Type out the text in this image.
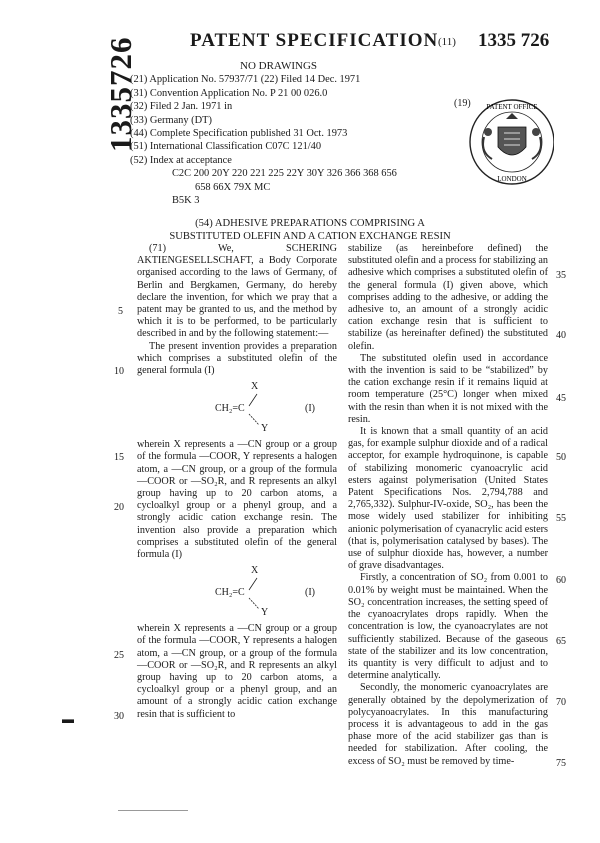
PATENT SPECIFICATION (11) 1335 726
1335726	NO DRAWINGS
(21) Application No. 57937/71 (22) Filed 14 Dec. 1971
(31) Convention Application No. P 21 00 026.0
(32) Filed 2 Jan. 1971 in
(33) Germany (DT)
(44) Complete Specification published 31 Oct. 1973
(51) International Classification C07C 121/40
(52) Index at acceptance
C2C 200 20Y 220 221 225 22Y 30Y 326 366 368 656
658 66X 79X MC
B5K 3
(19) PATENT OFFICE
LONDON
(54) ADHESIVE PREPARATIONS COMPRISING A
SUBSTITUTED OLEFIN AND A CATION EXCHANGE RESIN

(71) We, SCHERING AKTIENGESELLSCHAFT, a Body Corporate organised according to the laws of Germany, of Berlin and Bergkamen, Germany, do hereby declare the invention, for which we pray that a patent may be granted to us, and the method by which it is to be performed, to be particularly described in and by the following statement:—

The present invention provides a preparation which comprises a substituted olefin of the general formula (I)

X
CH₂=C
Y
(I)

wherein X represents a —CN group or a group of the formula —COOR, Y represents a halogen atom, a —CN group, or a group of the formula —COOR or —SO₂R, and R represents an alkyl group having up to 20 carbon atoms, a cycloalkyl group or a phenyl group, and a strongly acidic cation exchange resin. The invention also provide a preparation which comprises a substituted olefin of the general formula (I)

X
CH₂=C
Y
(I)

wherein X represents a —CN group or a group of the formula —COOR, Y represents a halogen atom, a —CN group, or a group of the formula —COOR or —SO₂R, and R represents an alkyl group having up to 20 carbon atoms, a cycloalkyl group or a phenyl group, and an amount of a strongly acidic cation exchange resin that is sufficient to

stabilize (as hereinbefore defined) the substituted olefin and a process for stabilizing an adhesive which comprises a substituted olefin of the general formula (I) given above, which comprises adding to the adhesive, or adding the adhesive to, an amount of a strongly acidic cation exchange resin that is sufficient to stabilize (as hereinafter defined) the substituted olefin.

The substituted olefin used in accordance with the invention is said to be “stabilized” by the cation exchange resin if it remains liquid at room temperature (25°C) longer when mixed with the resin than when it is not mixed with the resin.

It is known that a small quantity of an acid gas, for example sulphur dioxide and of a radical acceptor, for example hydroquinone, is capable of stabilizing monomeric cyanoacrylic acid esters against polymerisation (United States Patent Specifications Nos. 2,794,788 and 2,765,332). Sulphur-IV-oxide, SO₂, has been the mose widely used stabilizer for inhibiting anionic polymerisation of cyanacrylic acid esters (that is, polymerisation catalysed by bases). The use of sulphur dioxide has, however, a number of grave disadvantages.

Firstly, a concentration of SO₂ from 0.001 to 0.01% by weight must be maintained. When the SO₂ concentration increases, the setting speed of the cyanoacrylates drops rapidly. When the concentration is low, the cyanoacrylates are not sufficiently stabilized. Because of the gaseous state of the stabilizer and its low concentration, its quantity is very difficult to adjust and to determine analytically.

Secondly, the monomeric cyanoacrylates are generally obtained by the depolymerization of polycyanoacrylates. In this manufacturing process it is advantageous to add in the gas phase more of the acid stabilizer gas than is needed for stabilization. After cooling, the excess of SO₂ must be removed by time-

5
10
15
20
25
30
35
40
45
50
55
60
65
70
75
▬
